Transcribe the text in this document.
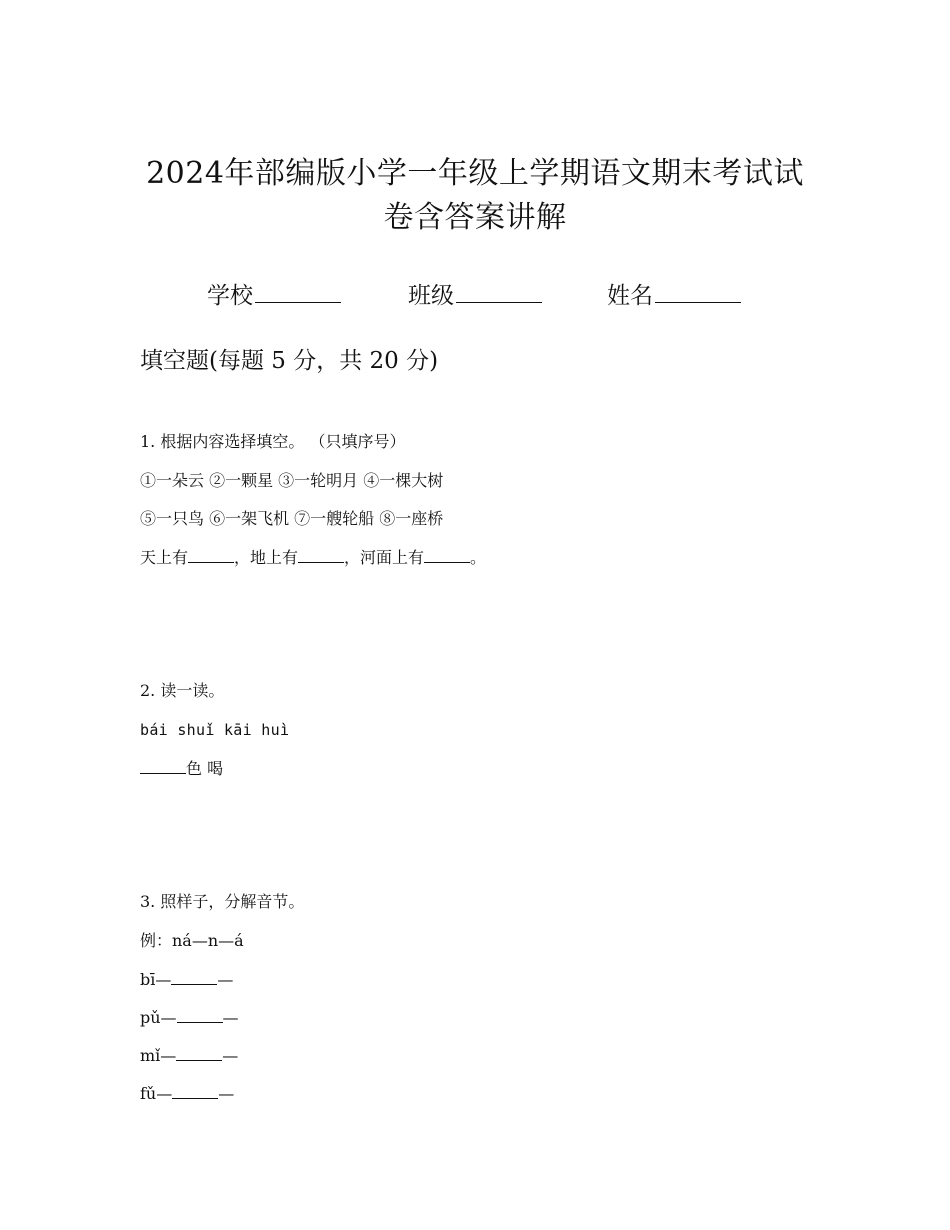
2024年部编版小学一年级上学期语文期末考试试
卷含答案讲解
学校	班级	姓名
填空题(每题 5 分，共 20 分)
1. 根据内容选择填空。 （只填序号）
①一朵云 ②一颗星 ③一轮明月 ④一棵大树
⑤一只鸟 ⑥一架飞机 ⑦一艘轮船 ⑧一座桥
天上有	，地上有	，河面上有	。
2. 读一读。
bái shuǐ kāi huì
色 喝
3. 照样子，分解音节。
例：ná—n—á
bī—	—
pǔ—	—
mǐ—	—
fǔ—	—
